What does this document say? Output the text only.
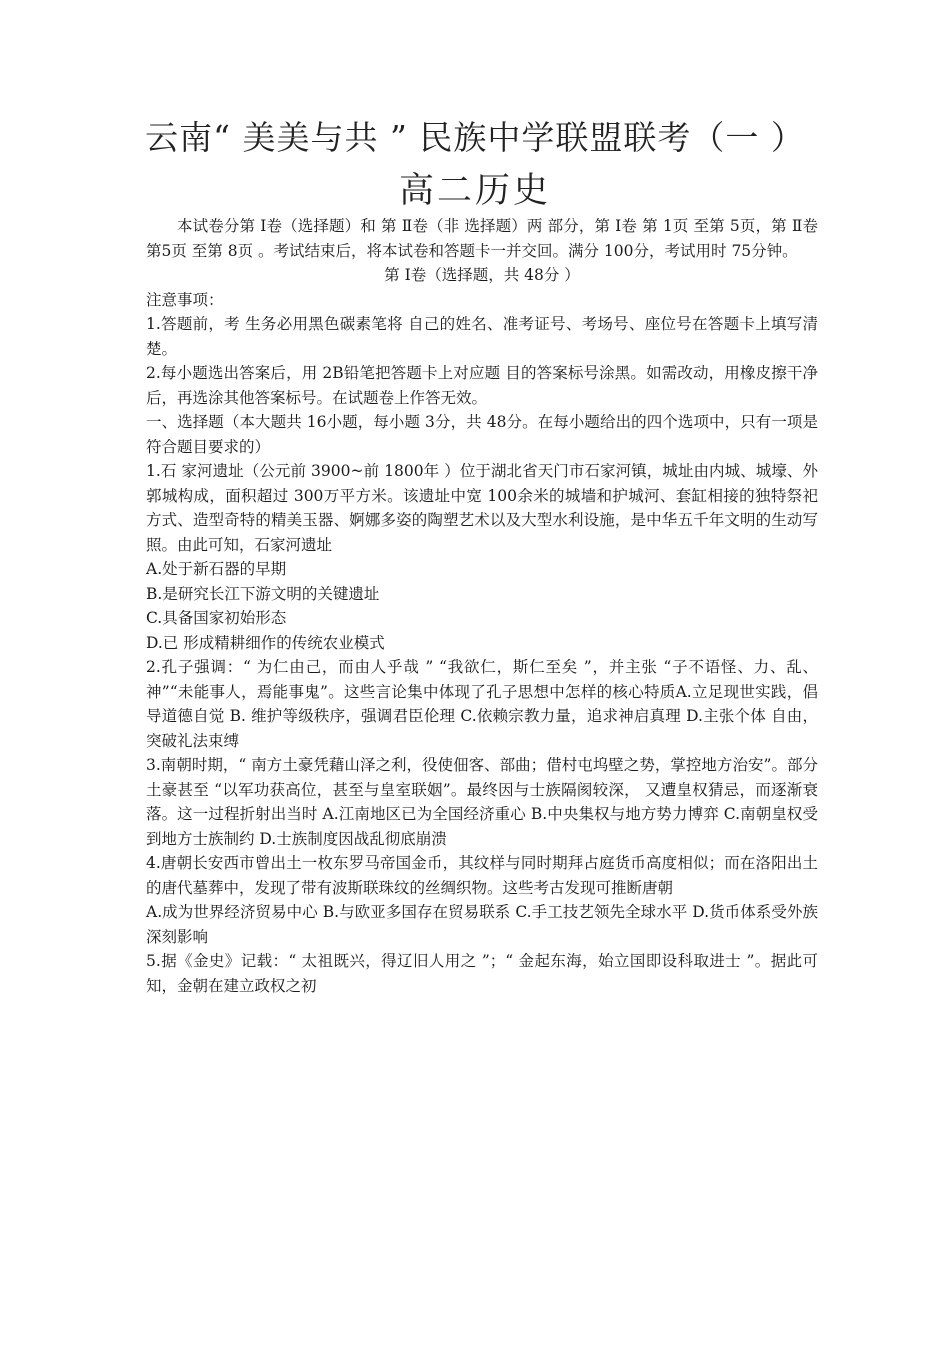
云南“ 美美与共 ” 民族中学联盟联考（一 ）
高二历史

本试卷分第 Ⅰ卷（选择题）和 第 Ⅱ卷（非 选择题）两 部分，第 Ⅰ卷 第 1页 至第 5页，第 Ⅱ卷第5页 至第 8页 。考试结束后，将本试卷和答题卡一并交回。满分 100分，考试用时 75分钟。

第 Ⅰ卷（选择题，共 48分 ）

注意事项：

1.答题前，考 生务必用黑色碳素笔将 自己的姓名、准考证号、考场号、座位号在答题卡上填写清楚。

2.每小题选出答案后，用 2B铅笔把答题卡上对应题 目的答案标号涂黑。如需改动，用橡皮擦干净后，再选涂其他答案标号。在试题卷上作答无效。

一、选择题（本大题共 16小题，每小题 3分，共 48分。在每小题给出的四个选项中，只有一项是符合题目要求的）

1.石 家河遗址（公元前 3900~前 1800年 ）位于湖北省天门市石家河镇，城址由内城、城壕、外郭城构成，面积超过 300万平方米。该遗址中宽 100余米的城墙和护城河、套缸相接的独特祭祀方式、造型奇特的精美玉器、婀娜多姿的陶塑艺术以及大型水利设施，是中华五千年文明的生动写照。由此可知，石家河遗址

A.处于新石器的早期

B.是研究长江下游文明的关键遗址

C.具备国家初始形态

D.已 形成精耕细作的传统农业模式

2.孔子强调：“ 为仁由己，而由人乎哉 ” “我欲仁，斯仁至矣 ”，并主张 “子不语怪、力、乱、神”“未能事人，焉能事鬼”。这些言论集中体现了孔子思想中怎样的核心特质A.立足现世实践，倡导道德自觉 B. 维护等级秩序，强调君臣伦理 C.依赖宗教力量，追求神启真理 D.主张个体 自由，突破礼法束缚

3.南朝时期，“ 南方土豪凭藉山泽之利，役使佃客、部曲；借村屯坞壁之势，掌控地方治安”。部分土豪甚至 “以军功获高位，甚至与皇室联姻”。最终因与士族隔阂较深， 又遭皇权猜忌，而逐渐衰落。这一过程折射出当时 A.江南地区已为全国经济重心 B.中央集权与地方势力博弈 C.南朝皇权受到地方士族制约 D.士族制度因战乱彻底崩溃

4.唐朝长安西市曾出土一枚东罗马帝国金币，其纹样与同时期拜占庭货币高度相似；而在洛阳出土的唐代墓葬中，发现了带有波斯联珠纹的丝绸织物。这些考古发现可推断唐朝

A.成为世界经济贸易中心 B.与欧亚多国存在贸易联系 C.手工技艺领先全球水平 D.货币体系受外族深刻影响

5.据《金史》记载：“ 太祖既兴，得辽旧人用之 ”；“ 金起东海，始立国即设科取进士 ”。据此可知，金朝在建立政权之初
